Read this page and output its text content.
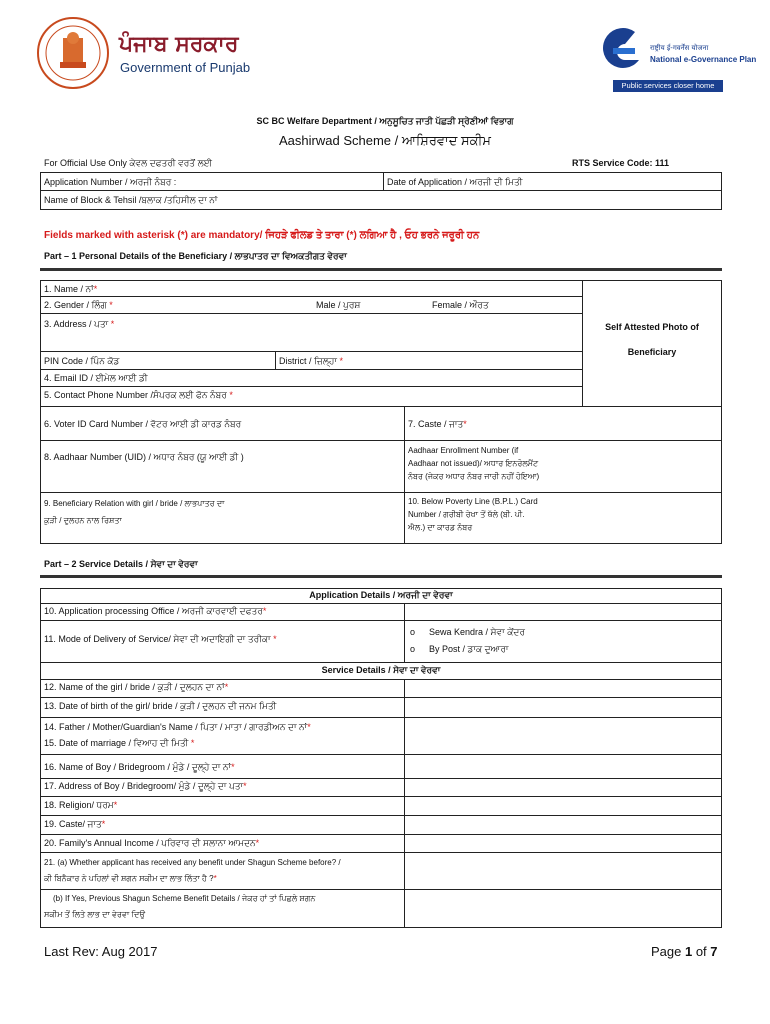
ਪੰਜਾਬ ਸਰਕਾਰ
Government of Punjab
राष्ट्रीय ई-गवर्नेंस योजना
National e-Governance Plan
Public services closer home
SC BC Welfare Department / ਅਨੁਸੂਚਿਤ ਜਾਤੀ ਪੱਛੜੀ ਸ੍ਰੇਣੀਆਂ ਵਿਭਾਗ
Aashirwad Scheme / ਆਸ਼ਿਰਵਾਦ ਸਕੀਮ
For Official Use Only ਕੇਵਲ ਦਫਤਰੀ ਵਰਤੋਂ ਲਈ	RTS Service Code: 111
Application Number / ਅਰਜੀ ਨੰਬਰ :	Date of Application / ਅਰਜੀ ਦੀ ਮਿਤੀ
Name of Block & Tehsil /ਬਲਾਕ /ਤਹਿਸੀਲ ਦਾ ਨਾਂ
Fields marked with asterisk (*) are mandatory/ ਜਿਹੜੇ ਫੀਲਡ ਤੇ ਤਾਰਾ (*) ਲਗਿਆ ਹੈ , ਓਹ ਭਰਨੇ ਜਰੂਰੀ ਹਨ
Part – 1 Personal Details of the Beneficiary / ਲਾਭਪਾਤਰ ਦਾ ਵਿਅਕਤੀਗਤ ਵੇਰਵਾ
1. Name / ਨਾਂ*
2. Gender / ਲਿੰਗ *	Male / ਪੁਰਸ਼	Female / ਔਰਤ
3. Address / ਪਤਾ *	Self Attested Photo of
Beneficiary
PIN Code / ਪਿੰਨ ਕੋਡ	District / ਜ਼ਿਲ੍ਹਾ *
4. Email ID / ਈਮੇਲ ਆਈ ਡੀ
5. Contact Phone Number /ਸੰਪਰਕ ਲਈ ਫੋਨ ਨੰਬਰ *
6. Voter ID Card Number / ਵੋਟਰ ਆਈ ਡੀ ਕਾਰਡ ਨੰਬਰ	7. Caste / ਜਾਤ*
8. Aadhaar Number (UID) / ਅਧਾਰ ਨੰਬਰ (ਯੂ ਆਈ ਡੀ )
Aadhaar Enrollment Number (if
Aadhaar not issued)/ ਅਧਾਰ ਇਨਰੋਲਮੈਂਟ
ਨੰਬਰ (ਜੇਕਰ ਅਧਾਰ ਨੰਬਰ ਜਾਰੀ ਨਹੀਂ ਹੋਇਆ)
9. Beneficiary Relation with girl / bride / ਲਾਭਪਾਤਰ ਦਾ
ਕੁੜੀ / ਦੁਲਹਨ ਨਾਲ ਰਿਸ਼ਤਾ
10. Below Poverty Line (B.P.L.) Card
Number / ਗਰੀਬੀ ਰੇਖਾ ਤੋਂ ਥੱਲੇ (ਬੀ. ਪੀ.
ਐਲ.) ਦਾ ਕਾਰਡ ਨੰਬਰ
Part – 2 Service Details / ਸੇਵਾ ਦਾ ਵੇਰਵਾ
Application Details / ਅਰਜੀ ਦਾ ਵੇਰਵਾ
10. Application processing Office / ਅਰਜੀ ਕਾਰਵਾਈ ਦਫਤਰ*
11. Mode of Delivery of Service/ ਸੇਵਾ ਦੀ ਅਦਾਇਗੀ ਦਾ ਤਰੀਕਾ *
o Sewa Kendra / ਸੇਵਾ ਕੇਂਦਰ
o By Post / ਡਾਕ ਦੁਆਰਾ
Service Details / ਸੇਵਾ ਦਾ ਵੇਰਵਾ
12. Name of the girl / bride / ਕੁੜੀ / ਦੁਲਹਨ ਦਾ ਨਾਂ*
13. Date of birth of the girl/ bride / ਕੁੜੀ / ਦੁਲਹਨ ਦੀ ਜਨਮ ਮਿਤੀ
14. Father / Mother/Guardian's Name / ਪਿਤਾ / ਮਾਤਾ / ਗਾਰਡੀਅਨ ਦਾ ਨਾਂ*
15. Date of marriage / ਵਿਆਹ ਦੀ ਮਿਤੀ *
16. Name of Boy / Bridegroom / ਮੁੰਡੇ / ਦੂਲ੍ਹੇ ਦਾ ਨਾਂ*
17. Address of Boy / Bridegroom/ ਮੁੰਡੇ / ਦੂਲ੍ਹੇ ਦਾ ਪਤਾ*
18. Religion/ ਧਰਮ*
19. Caste/ ਜਾਤ*
20. Family's Annual Income / ਪਰਿਵਾਰ ਦੀ ਸਲਾਨਾ ਆਮਦਨ*
21. (a) Whether applicant has received any benefit under Shagun Scheme before? /
ਕੀ ਬਿਨੈਕਾਰ ਨੇ ਪਹਿਲਾਂ ਵੀ ਸ਼ਗਨ ਸਕੀਮ ਦਾ ਲਾਭ ਲਿੱਤਾ ਹੈ ?*
(b) If Yes, Previous Shagun Scheme Benefit Details / ਜੇਕਰ ਹਾਂ ਤਾਂ ਪਿਛਲੇ ਸ਼ਗਨ
ਸਕੀਮ ਤੋਂ ਲਿਤੇ ਲਾਭ ਦਾ ਵੇਰਵਾ ਦਿਉ
Last Rev: Aug 2017	Page 1 of 7
